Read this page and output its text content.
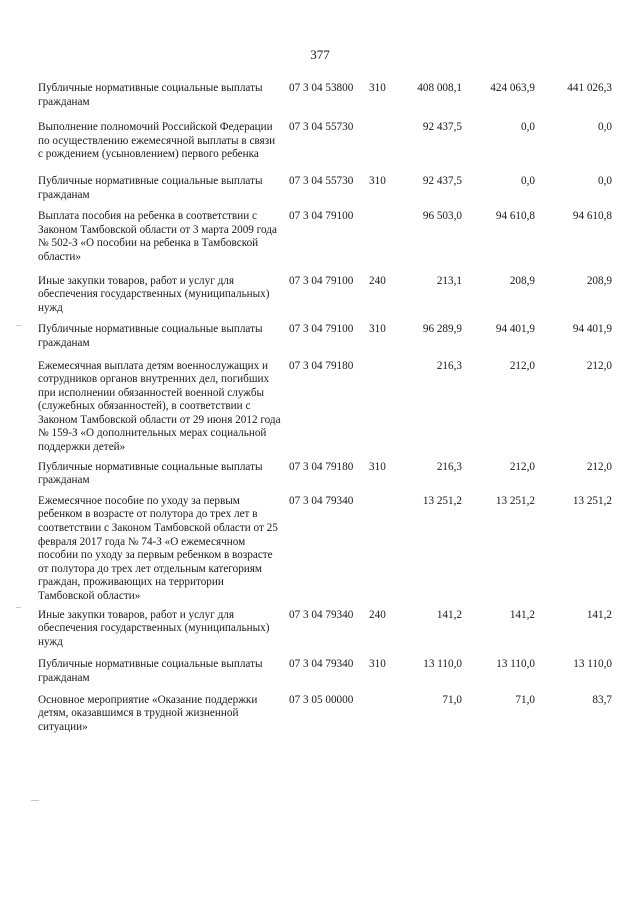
377
Публичные нормативные социальные выплаты гражданам
07 3 04 53800 310	408 008,1	424 063,9	441 026,3
Выполнение полномочий Российской Федерации по осуществлению ежемесячной выплаты в связи с рождением (усыновлением) первого ребенка
07 3 04 55730	92 437,5	0,0	0,0
Публичные нормативные социальные выплаты гражданам
07 3 04 55730 310	92 437,5	0,0	0,0
Выплата пособия на ребенка в соответствии с Законом Тамбовской области от 3 марта 2009 года № 502-З «О пособии на ребенка в Тамбовской области»
07 3 04 79100	96 503,0	94 610,8	94 610,8
Иные закупки товаров, работ и услуг для обеспечения государственных (муниципальных) нужд
07 3 04 79100 240	213,1	208,9	208,9
Публичные нормативные социальные выплаты гражданам
07 3 04 79100 310	96 289,9	94 401,9	94 401,9
Ежемесячная выплата детям военнослужащих и сотрудников органов внутренних дел, погибших при исполнении обязанностей военной службы (служебных обязанностей), в соответствии с Законом Тамбовской области от 29 июня 2012 года № 159-З «О дополнительных мерах социальной поддержки детей»
07 3 04 79180	216,3	212,0	212,0
Публичные нормативные социальные выплаты гражданам
07 3 04 79180 310	216,3	212,0	212,0
Ежемесячное пособие по уходу за первым ребенком в возрасте от полутора до трех лет в соответствии с Законом Тамбовской области от 25 февраля 2017 года № 74-З «О ежемесячном пособии по уходу за первым ребенком в возрасте от полутора до трех лет отдельным категориям граждан, проживающих на территории Тамбовской области»
07 3 04 79340	13 251,2	13 251,2	13 251,2
Иные закупки товаров, работ и услуг для обеспечения государственных (муниципальных) нужд
07 3 04 79340 240	141,2	141,2	141,2
Публичные нормативные социальные выплаты гражданам
07 3 04 79340 310	13 110,0	13 110,0	13 110,0
Основное мероприятие «Оказание поддержки детям, оказавшимся в трудной жизненной ситуации»
07 3 05 00000	71,0	71,0	83,7
